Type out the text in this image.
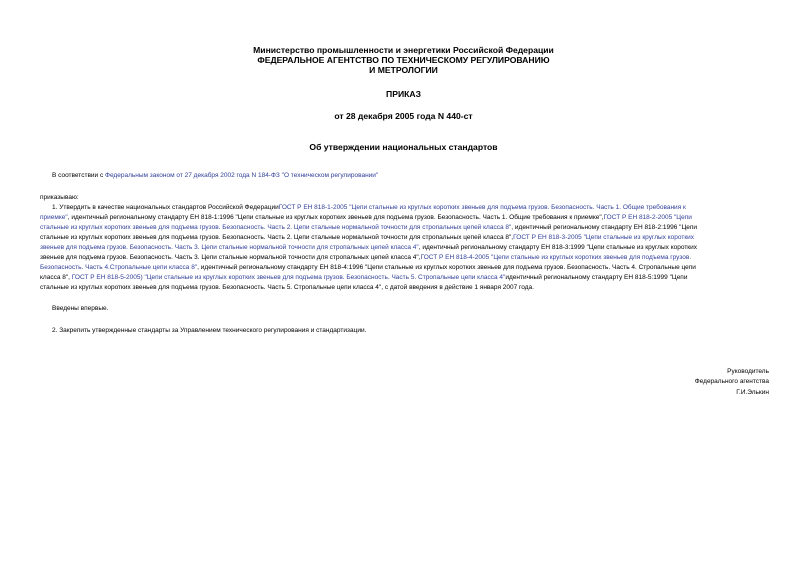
Министерство промышленности и энергетики Российской Федерации
ФЕДЕРАЛЬНОЕ АГЕНТСТВО ПО ТЕХНИЧЕСКОМУ РЕГУЛИРОВАНИЮ
И МЕТРОЛОГИИ
ПРИКАЗ
от 28 декабря 2005 года N 440-ст
Об утверждении национальных стандартов
В соответствии с Федеральным законом от 27 декабря 2002 года N 184-ФЗ "О техническом регулировании"
приказываю:
1. Утвердить в качестве национальных стандартов Российской ФедерацииГОСТ Р ЕН 818-1-2005 "Цепи стальные из круглых коротких звеньев для подъема грузов. Безопасность. Часть 1. Общие требования к
приемке", идентичный региональному стандарту ЕН 818-1:1996 "Цепи стальные из круглых коротких звеньев для подъема грузов. Безопасность. Часть 1. Общие требования к приемке",ГОСТ Р ЕН 818-2-2005 "Цепи
стальные из круглых коротких звеньев для подъема грузов. Безопасность. Часть 2. Цепи стальные нормальной точности для стропальных цепей класса 8", идентичный региональному стандарту ЕН 818-2:1996 "Цепи
стальные из круглых коротких звеньев для подъема грузов. Безопасность. Часть 2. Цепи стальные нормальной точности для стропальных цепей класса 8",ГОСТ Р ЕН 818-3-2005 "Цепи стальные из круглых коротких
звеньев для подъема грузов. Безопасность. Часть 3. Цепи стальные нормальной точности для стропальных цепей класса 4", идентичный региональному стандарту ЕН 818-3:1999 "Цепи стальные из круглых коротких
звеньев для подъема грузов. Безопасность. Часть 3. Цепи стальные нормальной точности для стропальных цепей класса 4",ГОСТ Р ЕН 818-4-2005 "Цепи стальные из круглых коротких звеньев для подъема грузов.
Безопасность. Часть 4.Стропальные цепи класса 8", идентичный региональному стандарту ЕН 818-4:1996 "Цепи стальные из круглых коротких звеньев для подъема грузов. Безопасность. Часть 4. Стропальные цепи
класса 8", ГОСТ Р ЕН 818-5-2005) "Цепи стальные из круглых коротких звеньев для подъема грузов. Безопасность. Часть 5. Стропальные цепи класса 4"идентичный региональному стандарту ЕН 818-5:1999 "Цепи
стальные из круглых коротких звеньев для подъема грузов. Безопасность. Часть 5. Стропальные цепи класса 4", с датой введения в действие 1 января 2007 года.
Введены впервые.
2. Закрепить утвержденные стандарты за Управлением технического регулирования и стандартизации.
Руководитель
Федерального агентства
Г.И.Элькин
